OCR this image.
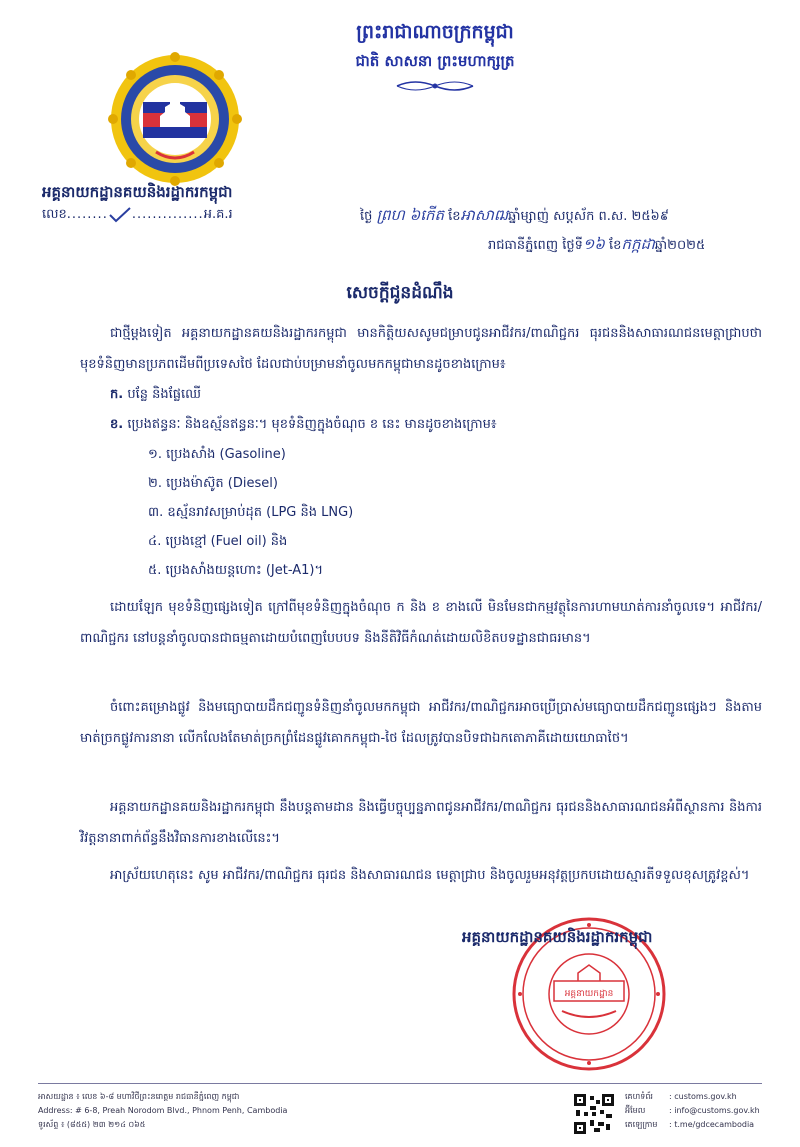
ព្រះរាជាណាចក្រកម្ពុជា
ជាតិ សាសនា ព្រះមហាក្សត្រ
អគ្គនាយកដ្ឋានគយនិងរដ្ឋាករកម្ពុជា
លេខ........ ..............អ.គ.រ	ថ្ងៃ ព្រហ ៦កើត ខែអាសាឍឆ្នាំម្សាញ់ សប្តស័ក ព.ស. ២៥៦៩
រាជធានីភ្នំពេញ ថ្ងៃទី១៦ ខែកក្កដាឆ្នាំ២០២៥
សេចក្តីជូនដំណឹង
ជាថ្មីម្តងទៀត អគ្គនាយកដ្ឋានគយនិងរដ្ឋាករកម្ពុជា មានកិត្តិយសសូមជម្រាបជូនអាជីវករ/ពាណិជ្ជករ ធុរជននិងសាធារណជនមេត្តាជ្រាបថា មុខទំនិញមានប្រភពដើមពីប្រទេសថៃ ដែលជាប់បម្រាមនាំចូលមកកម្ពុជាមានដូចខាងក្រោម៖
ក. បន្លែ និងផ្លែឈើ
ខ. ប្រេងឥន្ធនៈ និងឧស្ម័នឥន្ធនៈ។ មុខទំនិញក្នុងចំណុច ខ នេះ មានដូចខាងក្រោម៖
១. ប្រេងសាំង (Gasoline)
២. ប្រេងម៉ាស៊ូត (Diesel)
៣. ឧស្ម័នរាវសម្រាប់ដុត (LPG និង LNG)
៤. ប្រេងខ្មៅ (Fuel oil) និង
៥. ប្រេងសាំងយន្តហោះ (Jet-A1)។
ដោយឡែក មុខទំនិញផ្សេងទៀត ក្រៅពីមុខទំនិញក្នុងចំណុច ក និង ខ ខាងលើ មិនមែនជាកម្មវត្ថុនៃការហាមឃាត់ការនាំចូលទេ។ អាជីវករ/ពាណិជ្ជករ នៅបន្តនាំចូលបានជាធម្មតាដោយបំពេញបែបបទ និងនីតិវិធីកំណត់ដោយលិខិតបទដ្ឋានជាធរមាន។
ចំពោះគម្រោងផ្លូវ និងមធ្យោបាយដឹកជញ្ជូនទំនិញនាំចូលមកកម្ពុជា អាជីវករ/ពាណិជ្ជករអាចប្រើប្រាស់មធ្យោបាយដឹកជញ្ជូនផ្សេងៗ និងតាមមាត់ច្រកផ្លូវការនានា លើកលែងតែមាត់ច្រកព្រំដែនផ្លូវគោកកម្ពុជា-ថៃ ដែលត្រូវបានបិទជាឯកតោភាគីដោយយោធាថៃ។
អគ្គនាយកដ្ឋានគយនិងរដ្ឋាករកម្ពុជា នឹងបន្តតាមដាន និងធ្វើបច្ចុប្បន្នភាពជូនអាជីវករ/ពាណិជ្ជករ ធុរជននិងសាធារណជនអំពីស្ថានការ និងការវិវត្តនានាពាក់ព័ន្ធនឹងវិធានការខាងលើនេះ។
អាស្រ័យហេតុនេះ សូម អាជីវករ/ពាណិជ្ជករ ធុរជន និងសាធារណជន មេត្តាជ្រាប និងចូលរួមអនុវត្តប្រកបដោយស្មារតីទទួលខុសត្រូវខ្ពស់។
អគ្គនាយកដ្ឋាន
អគ្គនាយកដ្ឋានគយនិងរដ្ឋាករកម្ពុជា
អាសយដ្ឋាន ៖ លេខ ៦-៨ មហាវិថីព្រះនរោត្តម រាជធានីភ្នំពេញ កម្ពុជា
Address: # 6-8, Preah Norodom Blvd., Phnom Penh, Cambodia
ទូរស័ព្ទ ៖ (៨៥៥) ២៣ ២១៤ ០៦៥
គេហទំព័រ : customs.gov.kh
អ៊ីមែល	: info@customs.gov.kh
តេឡេក្រាម : t.me/gdcecambodia
